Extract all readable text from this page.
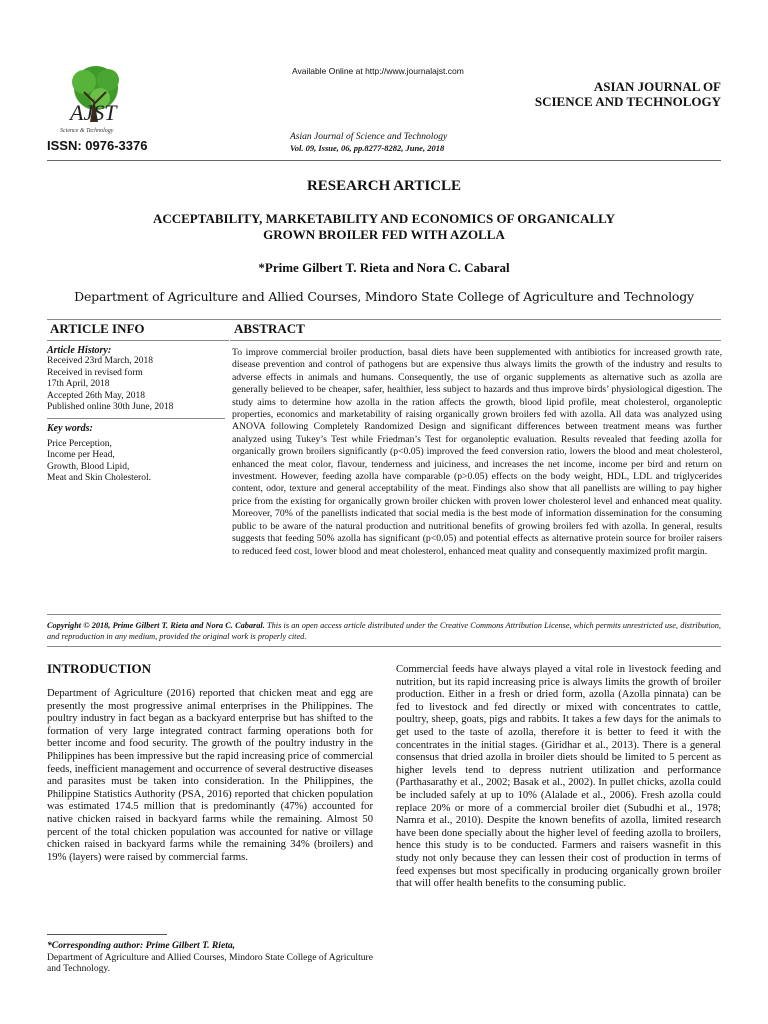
AJST
Science & Technology
Available Online at http://www.journalajst.com
ASIAN JOURNAL OF
SCIENCE AND TECHNOLOGY
ISSN: 0976-3376
Asian Journal of Science and Technology
Vol. 09, Issue, 06, pp.8277-8282, June, 2018
RESEARCH ARTICLE
ACCEPTABILITY, MARKETABILITY AND ECONOMICS OF ORGANICALLY
GROWN BROILER FED WITH AZOLLA
*Prime Gilbert T. Rieta and Nora C. Cabaral
Department of Agriculture and Allied Courses, Mindoro State College of Agriculture and Technology
ARTICLE INFO	ABSTRACT
Article History:
Received 23rd March, 2018
Received in revised form
17th April, 2018
Accepted 26th May, 2018
Published online 30th June, 2018
Key words:
Price Perception,
Income per Head,
Growth, Blood Lipid,
Meat and Skin Cholesterol.
To improve commercial broiler production, basal diets have been supplemented with antibiotics for increased growth rate, disease prevention and control of pathogens but are expensive thus always limits the growth of the industry and results to adverse effects in animals and humans. Consequently, the use of organic supplements as alternative such as azolla are generally believed to be cheaper, safer, healthier, less subject to hazards and thus improve birds’ physiological digestion. The study aims to determine how azolla in the ration affects the growth, blood lipid profile, meat cholesterol, organoleptic properties, economics and marketability of raising organically grown broilers fed with azolla. All data was analyzed using ANOVA following Completely Randomized Design and significant differences between treatment means was further analyzed using Tukey’s Test while Friedman’s Test for organoleptic evaluation. Results revealed that feeding azolla for organically grown broilers significantly (p<0.05) improved the feed conversion ratio, lowers the blood and meat cholesterol, enhanced the meat color, flavour, tenderness and juiciness, and increases the net income, income per bird and return on investment. However, feeding azolla have comparable (p>0.05) effects on the body weight, HDL, LDL and triglycerides content, odor, texture and general acceptability of the meat. Findings also show that all panellists are willing to pay higher price from the existing for organically grown broiler chicken with proven lower cholesterol level and enhanced meat quality. Moreover, 70% of the panellists indicated that social media is the best mode of information dissemination for the consuming public to be aware of the natural production and nutritional benefits of growing broilers fed with azolla. In general, results suggests that feeding 50% azolla has significant (p<0.05) and potential effects as alternative protein source for broiler raisers to reduced feed cost, lower blood and meat cholesterol, enhanced meat quality and consequently maximized profit margin.
Copyright © 2018, Prime Gilbert T. Rieta and Nora C. Cabaral. This is an open access article distributed under the Creative Commons Attribution License, which permits unrestricted use, distribution, and reproduction in any medium, provided the original work is properly cited.
INTRODUCTION
Department of Agriculture (2016) reported that chicken meat and egg are presently the most progressive animal enterprises in the Philippines. The poultry industry in fact began as a backyard enterprise but has shifted to the formation of very large integrated contract farming operations both for better income and food security. The growth of the poultry industry in the Philippines has been impressive but the rapid increasing price of commercial feeds, inefficient management and occurrence of several destructive diseases and parasites must be taken into consideration. In the Philippines, the Philippine Statistics Authority (PSA, 2016) reported that chicken population was estimated 174.5 million that is predominantly (47%) accounted for native chicken raised in backyard farms while the remaining. Almost 50 percent of the total chicken population was accounted for native or village chicken raised in backyard farms while the remaining 34% (broilers) and 19% (layers) were raised by commercial farms.
Commercial feeds have always played a vital role in livestock feeding and nutrition, but its rapid increasing price is always limits the growth of broiler production. Either in a fresh or dried form, azolla (Azolla pinnata) can be fed to livestock and fed directly or mixed with concentrates to cattle, poultry, sheep, goats, pigs and rabbits. It takes a few days for the animals to get used to the taste of azolla, therefore it is better to feed it with the concentrates in the initial stages. (Giridhar et al., 2013). There is a general consensus that dried azolla in broiler diets should be limited to 5 percent as higher levels tend to depress nutrient utilization and performance (Parthasarathy et al., 2002; Basak et al., 2002). In pullet chicks, azolla could be included safely at up to 10% (Alalade et al., 2006). Fresh azolla could replace 20% or more of a commercial broiler diet (Subudhi et al., 1978; Namra et al., 2010). Despite the known benefits of azolla, limited research have been done specially about the higher level of feeding azolla to broilers, hence this study is to be conducted. Farmers and raisers wasnefit in this study not only because they can lessen their cost of production in terms of feed expenses but most specifically in producing organically grown broiler that will offer health benefits to the consuming public.
*Corresponding author: Prime Gilbert T. Rieta,
Department of Agriculture and Allied Courses, Mindoro State College of Agriculture and Technology.
